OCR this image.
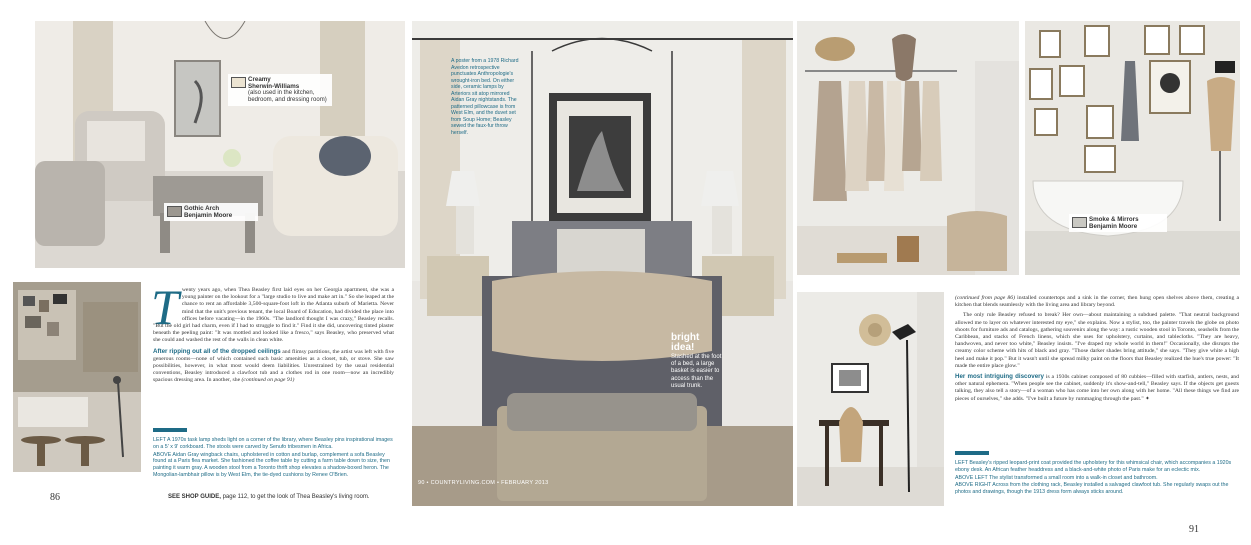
Creamy
Sherwin-Williams
(also used in the kitchen, bedroom, and dressing room)
Gothic Arch
Benjamin Moore

Twenty years ago, when Thea Beasley first laid eyes on her Georgia apartment, she was a young painter on the lookout for a "large studio to live and make art in." So she leaped at the chance to rent an affordable 3,500-square-foot loft in the Atlanta suburb of Marietta. Never mind that the unit's previous tenant, the local Board of Education, had divided the place into offices before vacating—in the 1960s. "The landlord thought I was crazy," Beasley recalls. "But the old girl had charm, even if I had to struggle to find it." Find it she did, uncovering tinted plaster beneath the peeling paint: "It was mottled and looked like a fresco," says Beasley, who preserved what she could and washed the rest of the walls in clean white.

After ripping out all of the dropped ceilings and flimsy partitions, the artist was left with five generous rooms—none of which contained such basic amenities as a closet, tub, or stove. She saw possibilities, however, in what most would deem liabilities. Unrestrained by the usual residential conventions, Beasley introduced a clawfoot tub and a clothes rod in one room—now an incredibly spacious dressing area. In another, she (continued on page 91)

LEFT A 1970s task lamp sheds light on a corner of the library, where Beasley pins inspirational images on a 5' x 9' corkboard. The stools were carved by Senufo tribesmen in Africa.

ABOVE Aidan Gray wingback chairs, upholstered in cotton and burlap, complement a sofa Beasley found at a Paris flea market. She fashioned the coffee table by cutting a farm table down to size, then painting it warm gray. A wooden stool from a Toronto thrift shop elevates a shadow-boxed heron. The Mongolian-lambhair pillow is by West Elm, the tie-dyed cushions by Renee O'Brien.

86	SEE SHOP GUIDE, page 112, to get the look of Thea Beasley's living room.
A poster from a 1978 Richard Avedon retrospective punctuates Anthropologie's wrought-iron bed. On either side, ceramic lamps by Arteriors sit atop mirrored Aidan Gray nightstands. The patterned pillowcase is from West Elm, and the duvet set from Soup Home; Beasley sewed the faux-fur throw herself.
bright
idea!
Stashed at the foot of a bed, a large basket is easier to access than the usual trunk.
90 • COUNTRYLIVING.COM • FEBRUARY 2013
Smoke & Mirrors
Benjamin Moore

(continued from page 86) installed countertops and a sink in the corner, then hung open shelves above them, creating a kitchen that blends seamlessly with the living area and library beyond.

The only rule Beasley refused to break? Her own—about maintaining a subdued palette. "That neutral background allowed me to layer on whatever interested my eye," she explains. Now a stylist, too, the painter travels the globe on photo shoots for furniture ads and catalogs, gathering souvenirs along the way: a rustic wooden stool in Toronto, seashells from the Caribbean, and stacks of French linens, which she uses for upholstery, curtains, and tablecloths. "They are heavy, handwoven, and never too white," Beasley insists. "I've draped my whole world in them!" Occasionally, she disrupts the creamy color scheme with hits of black and gray. "Those darker shades bring attitude," she says. "They give white a high heel and make it pop." But it wasn't until she spread milky paint on the floors that Beasley realized the hue's true power: "It made the entire place glow."

Her most intriguing discovery is a 1930s cabinet composed of 80 cubbies—filled with starfish, antlers, nests, and other natural ephemera. "When people see the cabinet, suddenly it's show-and-tell," Beasley says. If the objects get guests talking, they also tell a story—of a woman who has come into her own along with her home. "All these things we find are pieces of ourselves," she adds. "I've built a future by rummaging through the past." ✦

LEFT Beasley's ripped leopard-print coat provided the upholstery for this whimsical chair, which accompanies a 1920s ebony desk. An African feather headdress and a black-and-white photo of Paris make for an eclectic mix.

ABOVE LEFT The stylist transformed a small room into a walk-in closet and bathroom.

ABOVE RIGHT Across from the clothing rack, Beasley installed a salvaged clawfoot tub. She regularly swaps out the photos and drawings, though the 1913 dress form always sticks around.

91
